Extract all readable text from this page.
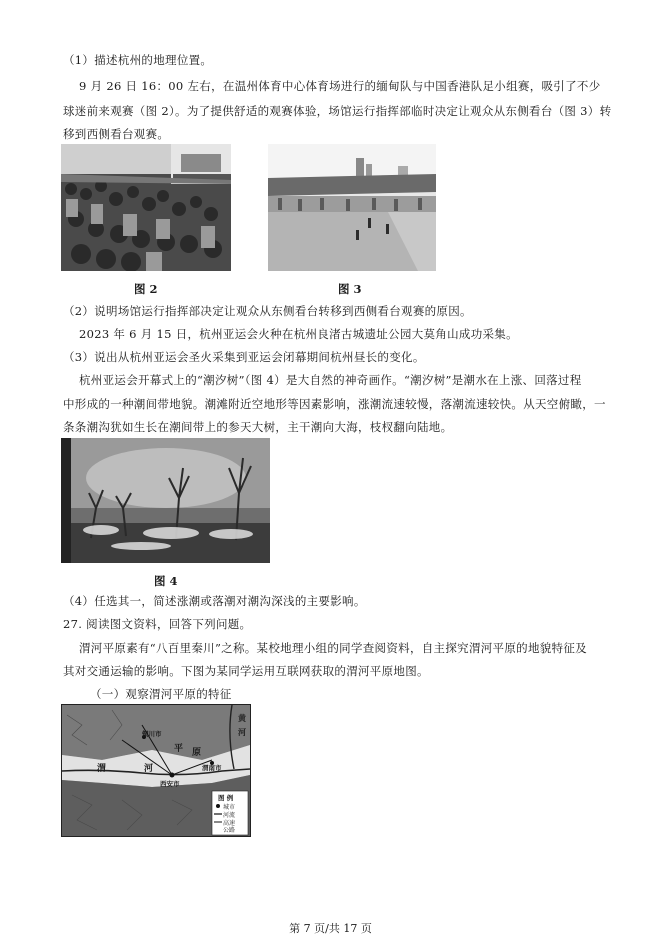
（1）描述杭州的地理位置。
9 月 26 日 16：00 左右，在温州体育中心体育场进行的缅甸队与中国香港队足小组赛，吸引了不少
球迷前来观赛（图 2）。为了提供舒适的观赛体验，场馆运行指挥部临时决定让观众从东侧看台（图 3）转
移到西侧看台观赛。
图 2	图 3
（2）说明场馆运行指挥部决定让观众从东侧看台转移到西侧看台观赛的原因。
2023 年 6 月 15 日，杭州亚运会火种在杭州良渚古城遗址公园大莫角山成功采集。
（3）说出从杭州亚运会圣火采集到亚运会闭幕期间杭州昼长的变化。
杭州亚运会开幕式上的“潮汐树”（图 4）是大自然的神奇画作。“潮汐树”是潮水在上涨、回落过程
中形成的一种潮间带地貌。潮滩附近空地形等因素影响，涨潮流速较慢，落潮流速较快。从天空俯瞰，一
条条潮沟犹如生长在潮间带上的参天大树，主干潮向大海，枝杈翻向陆地。
图 4
（4）任选其一，简述涨潮或落潮对潮沟深浅的主要影响。
27. 阅读图文资料，回答下列问题。
渭河平原素有“八百里秦川”之称。某校地理小组的同学查阅资料，自主探究渭河平原的地貌特征及
其对交通运输的影响。下图为某同学运用互联网获取的渭河平原地图。
（一）观察渭河平原的特征
铜川市
渭	河
平 原
西安市
渭南市
黄
河
图 例
城市
河流
高速
公路
第 7 页/共 17 页
